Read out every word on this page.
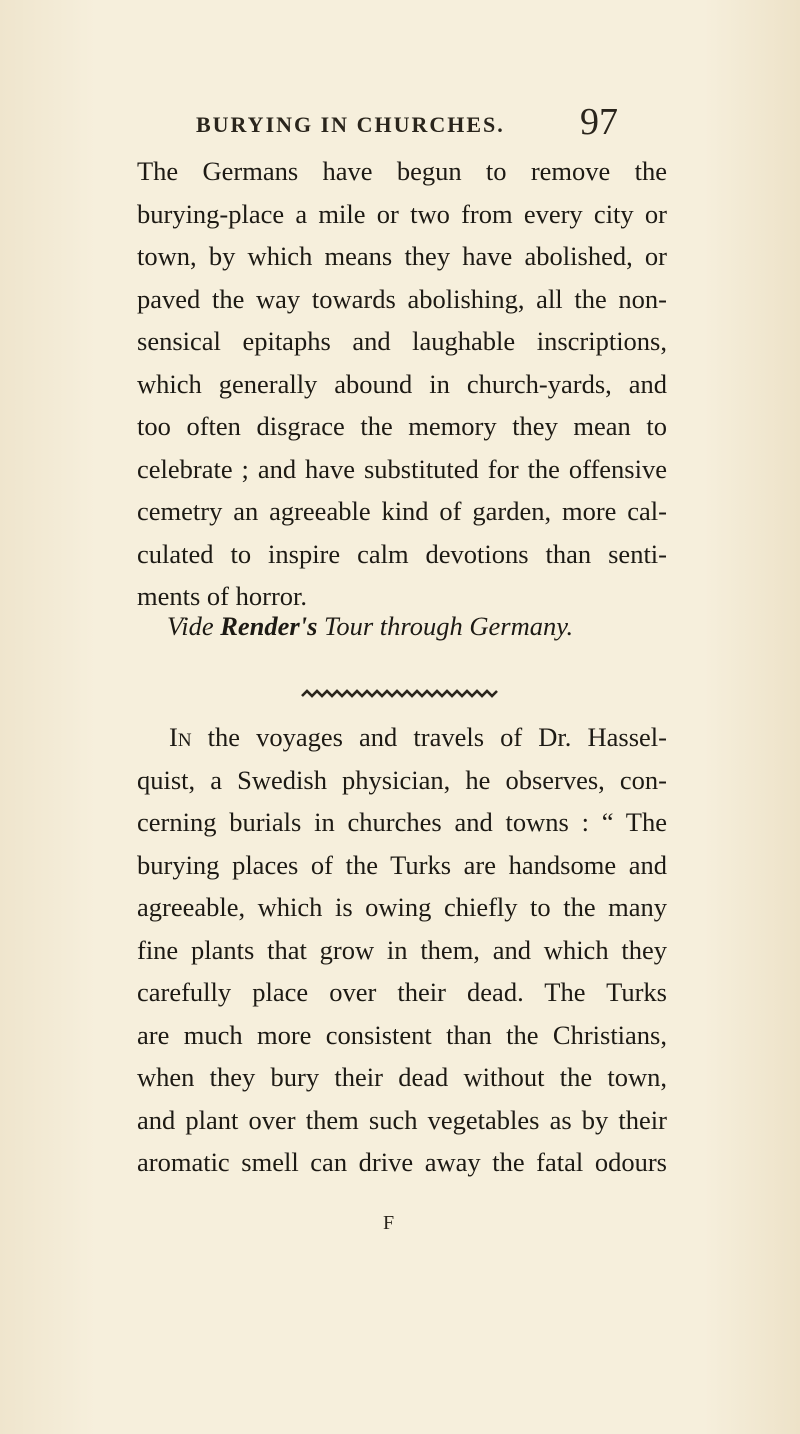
BURYING IN CHURCHES. 97
The Germans have begun to remove the
burying-place a mile or two from every city or
town, by which means they have abolished, or
paved the way towards abolishing, all the non-
sensical epitaphs and laughable inscriptions,
which generally abound in church-yards, and
too often disgrace the memory they mean to
celebrate ; and have substituted for the offensive
cemetry an agreeable kind of garden, more cal-
culated to inspire calm devotions than senti-
ments of horror.
Vide Render's Tour through Germany.
In the voyages and travels of Dr. Hassel-
quist, a Swedish physician, he observes, con-
cerning burials in churches and towns : “ The
burying places of the Turks are handsome and
agreeable, which is owing chiefly to the many
fine plants that grow in them, and which they
carefully place over their dead. The Turks
are much more consistent than the Christians,
when they bury their dead without the town,
and plant over them such vegetables as by their
aromatic smell can drive away the fatal odours
F
